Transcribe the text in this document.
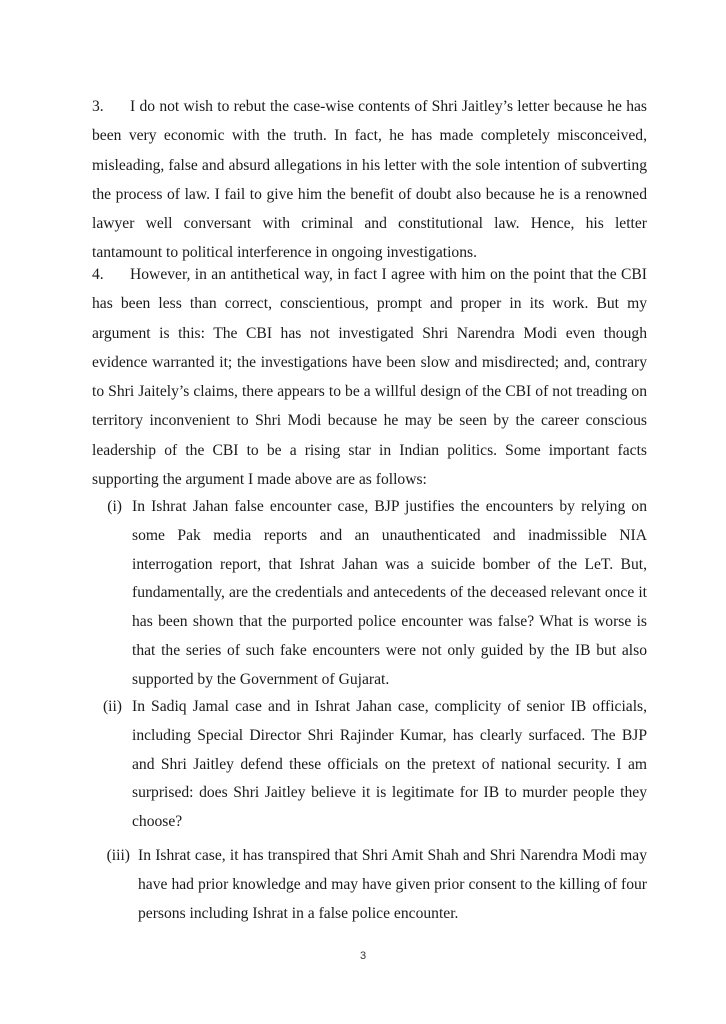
3. I do not wish to rebut the case-wise contents of Shri Jaitley’s letter because he has been very economic with the truth. In fact, he has made completely misconceived, misleading, false and absurd allegations in his letter with the sole intention of subverting the process of law. I fail to give him the benefit of doubt also because he is a renowned lawyer well conversant with criminal and constitutional law. Hence, his letter tantamount to political interference in ongoing investigations.

4. However, in an antithetical way, in fact I agree with him on the point that the CBI has been less than correct, conscientious, prompt and proper in its work. But my argument is this: The CBI has not investigated Shri Narendra Modi even though evidence warranted it; the investigations have been slow and misdirected; and, contrary to Shri Jaitely’s claims, there appears to be a willful design of the CBI of not treading on territory inconvenient to Shri Modi because he may be seen by the career conscious leadership of the CBI to be a rising star in Indian politics. Some important facts supporting the argument I made above are as follows:

(i) In Ishrat Jahan false encounter case, BJP justifies the encounters by relying on some Pak media reports and an unauthenticated and inadmissible NIA interrogation report, that Ishrat Jahan was a suicide bomber of the LeT. But, fundamentally, are the credentials and antecedents of the deceased relevant once it has been shown that the purported police encounter was false? What is worse is that the series of such fake encounters were not only guided by the IB but also supported by the Government of Gujarat.
(ii) In Sadiq Jamal case and in Ishrat Jahan case, complicity of senior IB officials, including Special Director Shri Rajinder Kumar, has clearly surfaced. The BJP and Shri Jaitley defend these officials on the pretext of national security. I am surprised: does Shri Jaitley believe it is legitimate for IB to murder people they choose?
(iii) In Ishrat case, it has transpired that Shri Amit Shah and Shri Narendra Modi may have had prior knowledge and may have given prior consent to the killing of four persons including Ishrat in a false police encounter.
3
